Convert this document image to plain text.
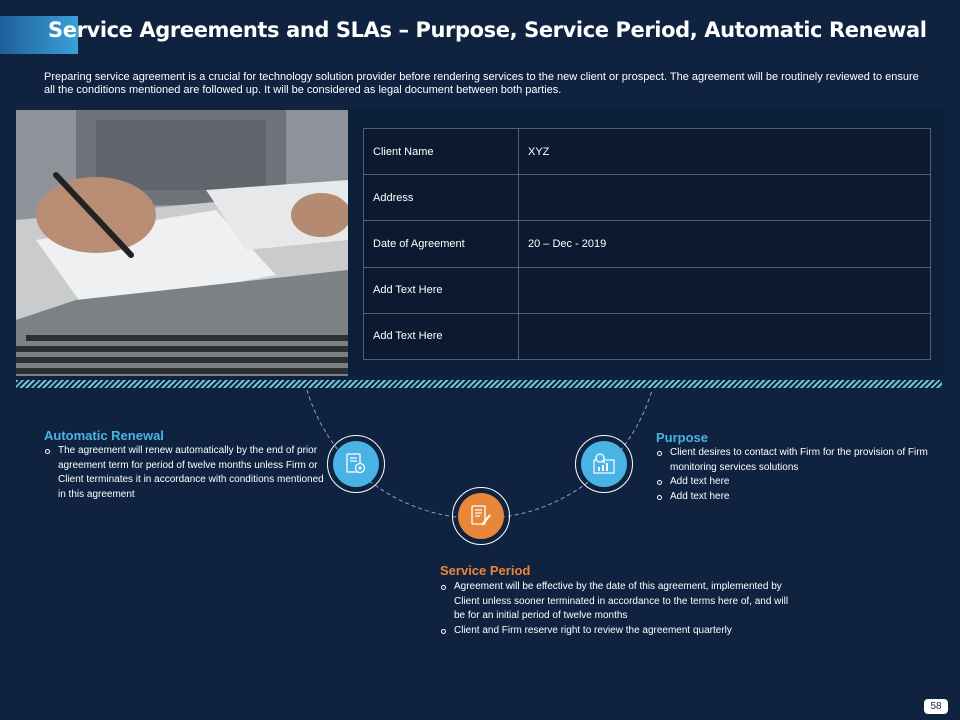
Service Agreements and SLAs – Purpose, Service Period, Automatic Renewal
Preparing service agreement is a crucial for technology solution provider before rendering services to the new client or prospect. The agreement will be routinely reviewed to ensure all the conditions mentioned are followed up. It will be considered as legal document between both parties.
Client Name	XYZ
Address	
Date of Agreement	20 – Dec - 2019
Add Text Here	
Add Text Here	
Automatic Renewal
The agreement will renew automatically by the end of prior agreement term for period of twelve months unless Firm or Client terminates it in accordance with conditions mentioned in this agreement
Purpose
Client desires to contact with Firm for the provision of Firm monitoring services solutions
Add text here
Add text here
Service Period
Agreement will be effective by the date of this agreement, implemented by Client unless sooner terminated in accordance to the terms here of, and will be for an initial period of twelve months
Client and Firm reserve right to review the agreement quarterly
58
